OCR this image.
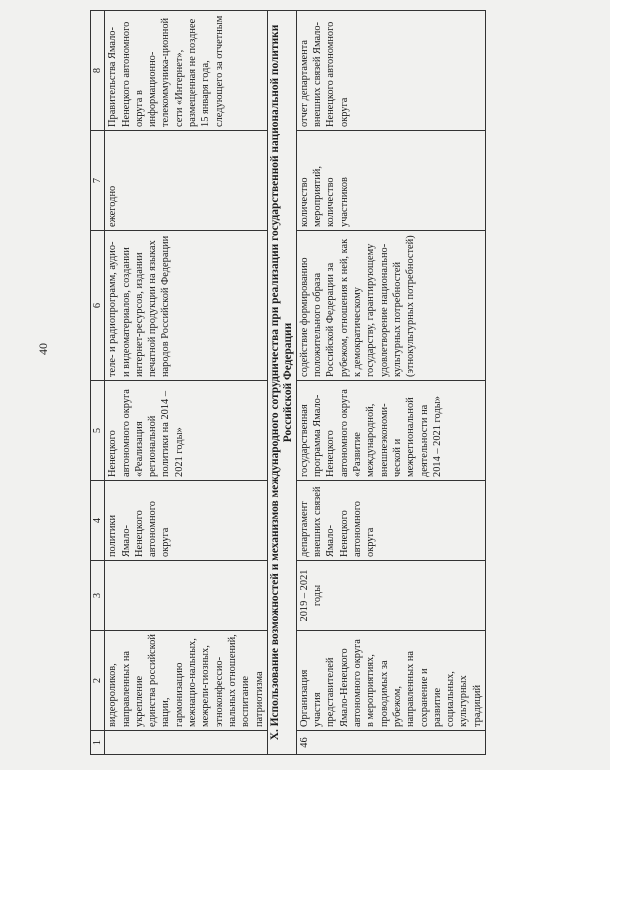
40
1	2	3	4	5	6	7	8
	видеороликов, направленных на укрепление единства российской нации, гармонизацию межнацио-нальных, межрели-гиозных, этноконфессио-нальных отношений, воспитание патриотизма		политики Ямало-Ненецкого автономного округа	Ненецкого автономного округа «Реализация региональной политики на 2014 – 2021 годы»	теле- и радиопрограмм, аудио- и видеоматериалов, создании интернет-ресурсов, издании печатной продукции на языках народов Российской Федерации	ежегодно	Правительства Ямало-Ненецкого автономного округа в информационно-телекоммуника-ционной сети «Интернет», размещенная не позднее 15 января года, следующего за отчетным
X. Использование возможностей и механизмов международного сотрудничества при реализации государственной национальной политики Российской Федерации							
46	Организация участия представителей Ямало-Ненецкого автономного округа в мероприятиях, проводимых за рубежом, направленных на сохранение и развитие социальных, культурных традиций	2019 – 2021 годы	департамент внешних связей Ямало-Ненецкого автономного округа	государственная программа Ямало-Ненецкого автономного округа «Развитие международной, внешнеэкономи-ческой и межрегиональной деятельности на 2014 – 2021 годы»	содействие формированию положительного образа Российской Федерации за рубежом, отношения к ней, как к демократическому государству, гарантирующему удовлетворение национально-культурных потребностей (этнокультурных потребностей)	количество мероприятий, количество участников	отчет департамента внешних связей Ямало-Ненецкого автономного округа
